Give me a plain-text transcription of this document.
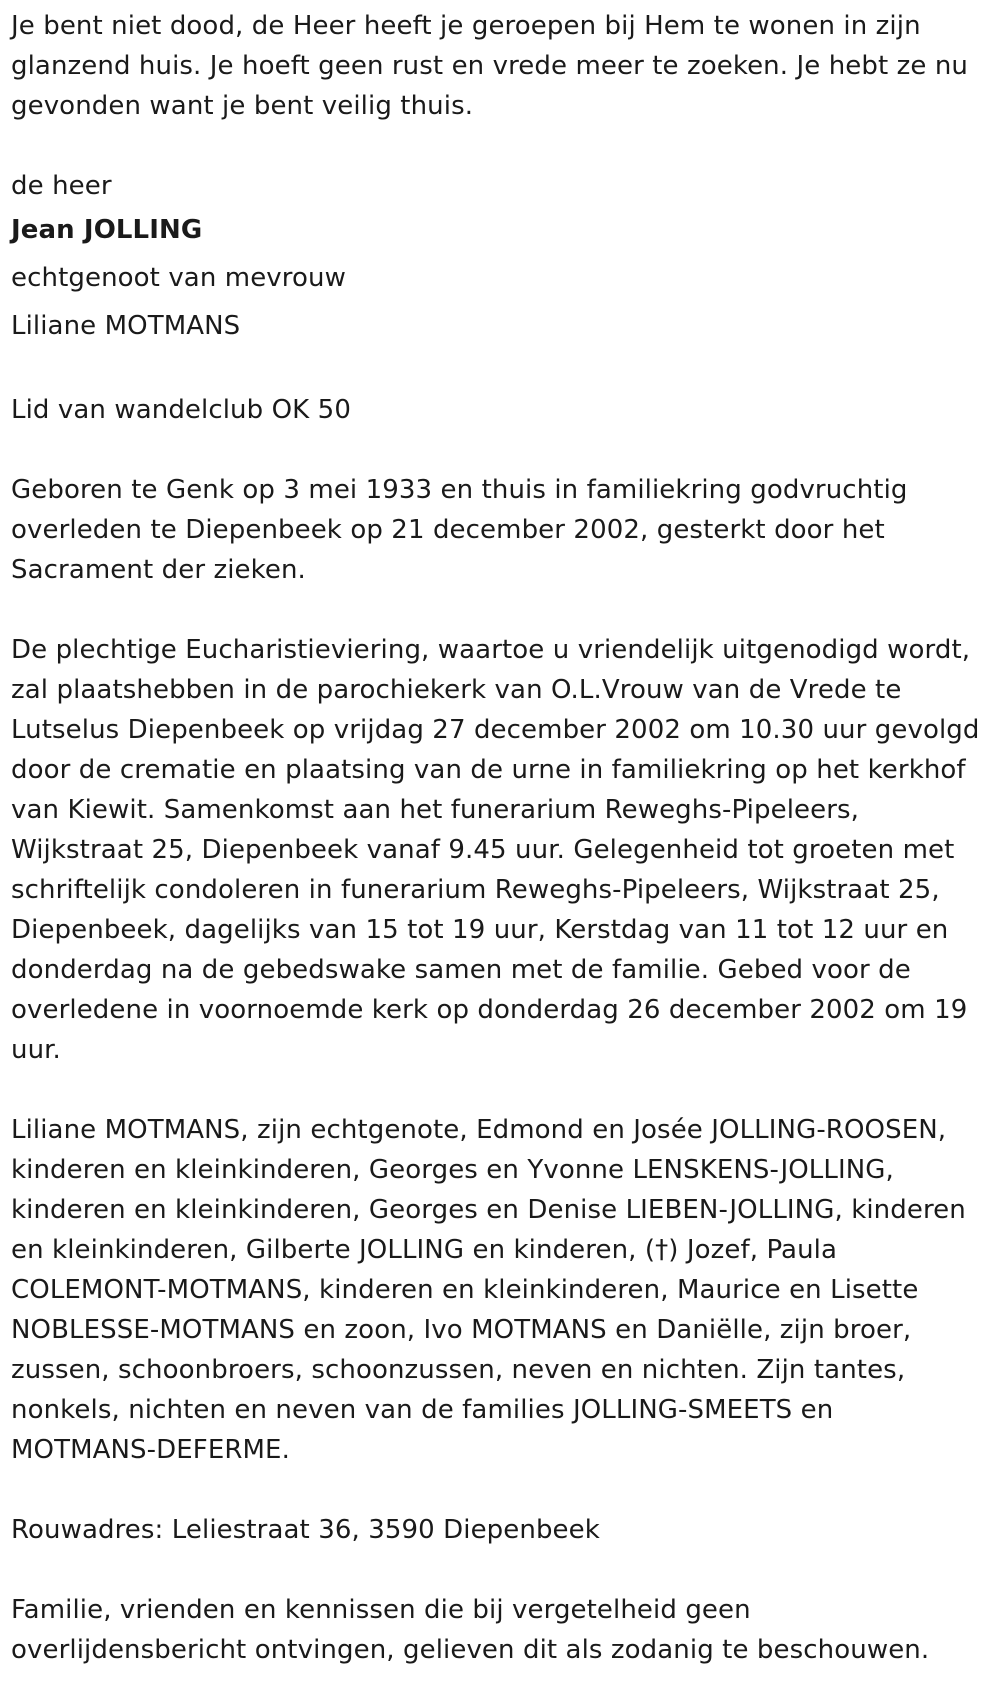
Je bent niet dood, de Heer heeft je geroepen bij Hem te wonen in zijn
glanzend huis. Je hoeft geen rust en vrede meer te zoeken. Je hebt ze nu
gevonden want je bent veilig thuis.

de heer

Jean JOLLING

echtgenoot van mevrouw

Liliane MOTMANS

Lid van wandelclub OK 50

Geboren te Genk op 3 mei 1933 en thuis in familiekring godvruchtig
overleden te Diepenbeek op 21 december 2002, gesterkt door het
Sacrament der zieken.

De plechtige Eucharistieviering, waartoe u vriendelijk uitgenodigd wordt,
zal plaatshebben in de parochiekerk van O.L.Vrouw van de Vrede te
Lutselus Diepenbeek op vrijdag 27 december 2002 om 10.30 uur gevolgd
door de crematie en plaatsing van de urne in familiekring op het kerkhof
van Kiewit. Samenkomst aan het funerarium Reweghs-Pipeleers,
Wijkstraat 25, Diepenbeek vanaf 9.45 uur. Gelegenheid tot groeten met
schriftelijk condoleren in funerarium Reweghs-Pipeleers, Wijkstraat 25,
Diepenbeek, dagelijks van 15 tot 19 uur, Kerstdag van 11 tot 12 uur en
donderdag na de gebedswake samen met de familie. Gebed voor de
overledene in voornoemde kerk op donderdag 26 december 2002 om 19
uur.

Liliane MOTMANS, zijn echtgenote, Edmond en Josée JOLLING-ROOSEN,
kinderen en kleinkinderen, Georges en Yvonne LENSKENS-JOLLING,
kinderen en kleinkinderen, Georges en Denise LIEBEN-JOLLING, kinderen
en kleinkinderen, Gilberte JOLLING en kinderen, (†) Jozef, Paula
COLEMONT-MOTMANS, kinderen en kleinkinderen, Maurice en Lisette
NOBLESSE-MOTMANS en zoon, Ivo MOTMANS en Daniëlle, zijn broer,
zussen, schoonbroers, schoonzussen, neven en nichten. Zijn tantes,
nonkels, nichten en neven van de families JOLLING-SMEETS en
MOTMANS-DEFERME.

Rouwadres: Leliestraat 36, 3590 Diepenbeek

Familie, vrienden en kennissen die bij vergetelheid geen
overlijdensbericht ontvingen, gelieven dit als zodanig te beschouwen.
